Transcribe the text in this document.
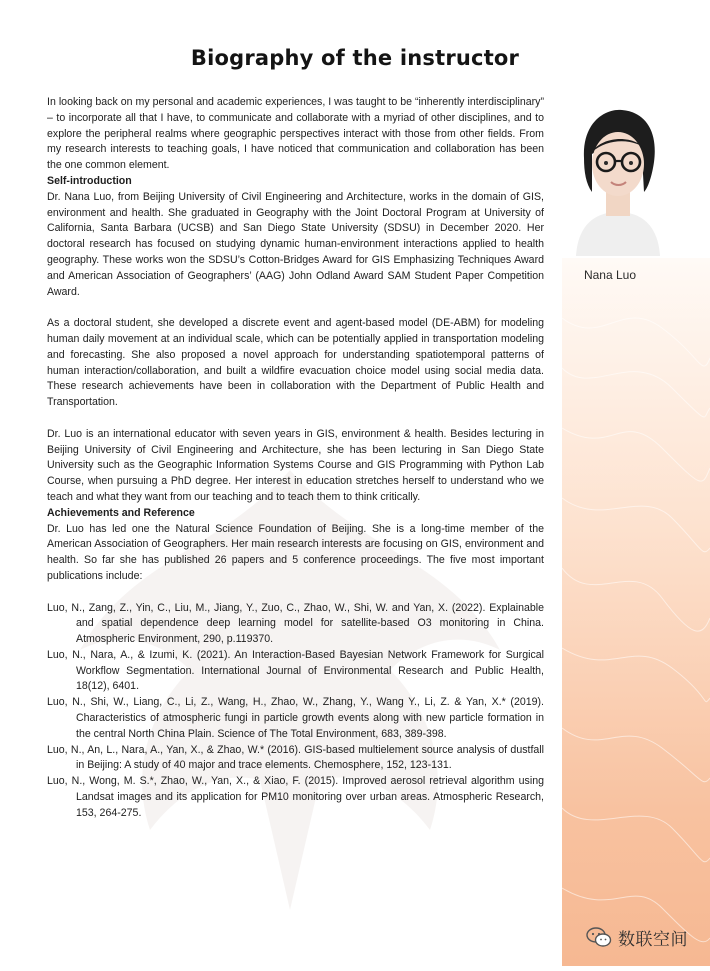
Biography of the instructor

In looking back on my personal and academic experiences, I was taught to be “inherently interdisciplinary” – to incorporate all that I have, to communicate and collaborate with a myriad of other disciplines, and to explore the peripheral realms where geographic perspectives interact with those from other fields. From my research interests to teaching goals, I have noticed that communication and collaboration has been the one common element.

Self-introduction

Dr. Nana Luo, from Beijing University of Civil Engineering and Architecture, works in the domain of GIS, environment and health. She graduated in Geography with the Joint Doctoral Program at University of California, Santa Barbara (UCSB) and San Diego State University (SDSU) in December 2020. Her doctoral research has focused on studying dynamic human-environment interactions applied to health geography. These works won the SDSU’s Cotton-Bridges Award for GIS Emphasizing Techniques Award and American Association of Geographers’ (AAG) John Odland Award SAM Student Paper Competition Award.

As a doctoral student, she developed a discrete event and agent-based model (DE-ABM) for modeling human daily movement at an individual scale, which can be potentially applied in transportation modeling and forecasting. She also proposed a novel approach for understanding spatiotemporal patterns of human interaction/collaboration, and built a wildfire evacuation choice model using social media data. These research achievements have been in collaboration with the Department of Public Health and Transportation.

Dr. Luo is an international educator with seven years in GIS, environment & health. Besides lecturing in Beijing University of Civil Engineering and Architecture, she has been lecturing in San Diego State University such as the Geographic Information Systems Course and GIS Programming with Python Lab Course, when pursuing a PhD degree. Her interest in education stretches herself to understand who we teach and what they want from our teaching and to teach them to think critically.

Achievements and Reference

Dr. Luo has led one the Natural Science Foundation of Beijing. She is a long-time member of the American Association of Geographers. Her main research interests are focusing on GIS, environment and health. So far she has published 26 papers and 5 conference proceedings. The five most important publications include:

Luo, N., Zang, Z., Yin, C., Liu, M., Jiang, Y., Zuo, C., Zhao, W., Shi, W. and Yan, X. (2022). Explainable and spatial dependence deep learning model for satellite-based O3 monitoring in China. Atmospheric Environment, 290, p.119370.

Luo, N., Nara, A., & Izumi, K. (2021). An Interaction-Based Bayesian Network Framework for Surgical Workflow Segmentation. International Journal of Environmental Research and Public Health, 18(12), 6401.

Luo, N., Shi, W., Liang, C., Li, Z., Wang, H., Zhao, W., Zhang, Y., Wang Y., Li, Z. & Yan, X.* (2019). Characteristics of atmospheric fungi in particle growth events along with new particle formation in the central North China Plain. Science of The Total Environment, 683, 389-398.

Luo, N., An, L., Nara, A., Yan, X., & Zhao, W.* (2016). GIS-based multielement source analysis of dustfall in Beijing: A study of 40 major and trace elements. Chemosphere, 152, 123-131.

Luo, N., Wong, M. S.*, Zhao, W., Yan, X., & Xiao, F. (2015). Improved aerosol retrieval algorithm using Landsat images and its application for PM10 monitoring over urban areas. Atmospheric Research, 153, 264-275.

Nana Luo
数联空间
